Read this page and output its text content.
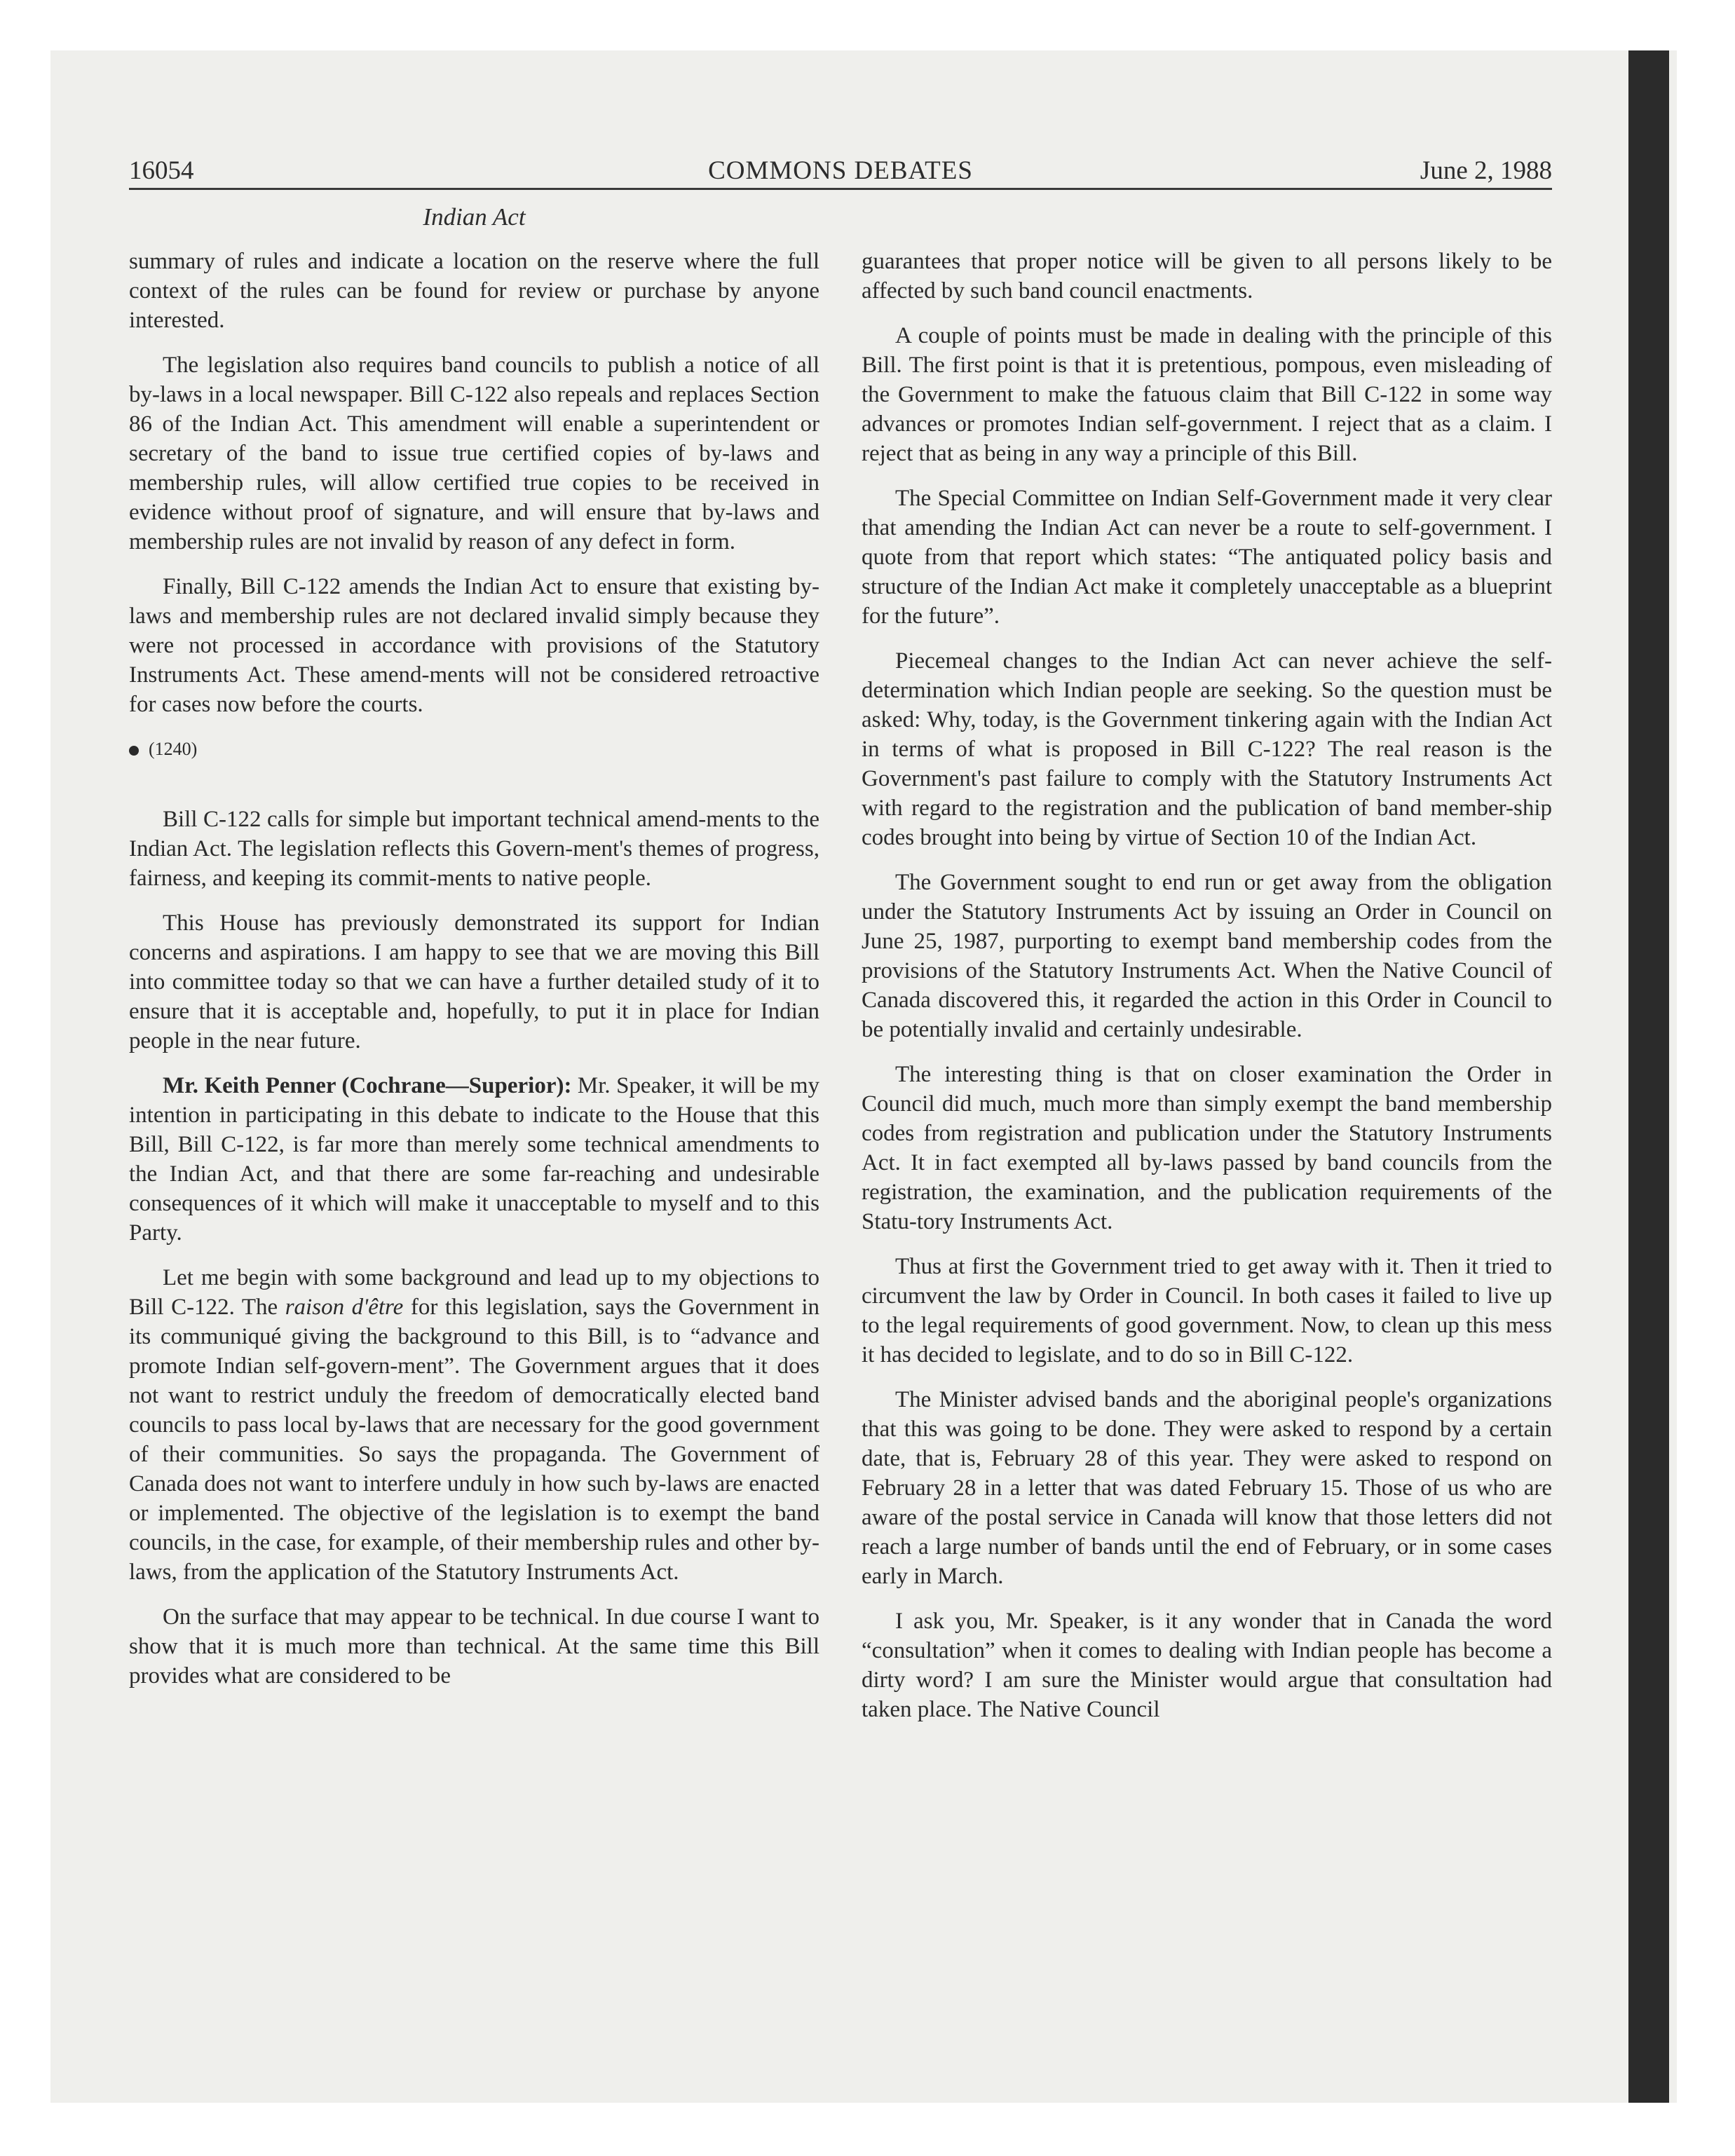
16054	COMMONS DEBATES	June 2, 1988
Indian Act

summary of rules and indicate a location on the reserve where the full context of the rules can be found for review or purchase by anyone interested.

The legislation also requires band councils to publish a notice of all by-laws in a local newspaper. Bill C-122 also repeals and replaces Section 86 of the Indian Act. This amendment will enable a superintendent or secretary of the band to issue true certified copies of by-laws and membership rules, will allow certified true copies to be received in evidence without proof of signature, and will ensure that by-laws and membership rules are not invalid by reason of any defect in form.

Finally, Bill C-122 amends the Indian Act to ensure that existing by-laws and membership rules are not declared invalid simply because they were not processed in accordance with provisions of the Statutory Instruments Act. These amend-ments will not be considered retroactive for cases now before the courts.

(1240)

Bill C-122 calls for simple but important technical amend-ments to the Indian Act. The legislation reflects this Govern-ment's themes of progress, fairness, and keeping its commit-ments to native people.

This House has previously demonstrated its support for Indian concerns and aspirations. I am happy to see that we are moving this Bill into committee today so that we can have a further detailed study of it to ensure that it is acceptable and, hopefully, to put it in place for Indian people in the near future.

Mr. Keith Penner (Cochrane—Superior): Mr. Speaker, it will be my intention in participating in this debate to indicate to the House that this Bill, Bill C-122, is far more than merely some technical amendments to the Indian Act, and that there are some far-reaching and undesirable consequences of it which will make it unacceptable to myself and to this Party.

Let me begin with some background and lead up to my objections to Bill C-122. The raison d'être for this legislation, says the Government in its communiqué giving the background to this Bill, is to “advance and promote Indian self-govern-ment”. The Government argues that it does not want to restrict unduly the freedom of democratically elected band councils to pass local by-laws that are necessary for the good government of their communities. So says the propaganda. The Government of Canada does not want to interfere unduly in how such by-laws are enacted or implemented. The objective of the legislation is to exempt the band councils, in the case, for example, of their membership rules and other by-laws, from the application of the Statutory Instruments Act.

On the surface that may appear to be technical. In due course I want to show that it is much more than technical. At the same time this Bill provides what are considered to be

guarantees that proper notice will be given to all persons likely to be affected by such band council enactments.

A couple of points must be made in dealing with the principle of this Bill. The first point is that it is pretentious, pompous, even misleading of the Government to make the fatuous claim that Bill C-122 in some way advances or promotes Indian self-government. I reject that as a claim. I reject that as being in any way a principle of this Bill.

The Special Committee on Indian Self-Government made it very clear that amending the Indian Act can never be a route to self-government. I quote from that report which states: “The antiquated policy basis and structure of the Indian Act make it completely unacceptable as a blueprint for the future”.

Piecemeal changes to the Indian Act can never achieve the self-determination which Indian people are seeking. So the question must be asked: Why, today, is the Government tinkering again with the Indian Act in terms of what is proposed in Bill C-122? The real reason is the Government's past failure to comply with the Statutory Instruments Act with regard to the registration and the publication of band member-ship codes brought into being by virtue of Section 10 of the Indian Act.

The Government sought to end run or get away from the obligation under the Statutory Instruments Act by issuing an Order in Council on June 25, 1987, purporting to exempt band membership codes from the provisions of the Statutory Instruments Act. When the Native Council of Canada discovered this, it regarded the action in this Order in Council to be potentially invalid and certainly undesirable.

The interesting thing is that on closer examination the Order in Council did much, much more than simply exempt the band membership codes from registration and publication under the Statutory Instruments Act. It in fact exempted all by-laws passed by band councils from the registration, the examination, and the publication requirements of the Statu-tory Instruments Act.

Thus at first the Government tried to get away with it. Then it tried to circumvent the law by Order in Council. In both cases it failed to live up to the legal requirements of good government. Now, to clean up this mess it has decided to legislate, and to do so in Bill C-122.

The Minister advised bands and the aboriginal people's organizations that this was going to be done. They were asked to respond by a certain date, that is, February 28 of this year. They were asked to respond on February 28 in a letter that was dated February 15. Those of us who are aware of the postal service in Canada will know that those letters did not reach a large number of bands until the end of February, or in some cases early in March.

I ask you, Mr. Speaker, is it any wonder that in Canada the word “consultation” when it comes to dealing with Indian people has become a dirty word? I am sure the Minister would argue that consultation had taken place. The Native Council
